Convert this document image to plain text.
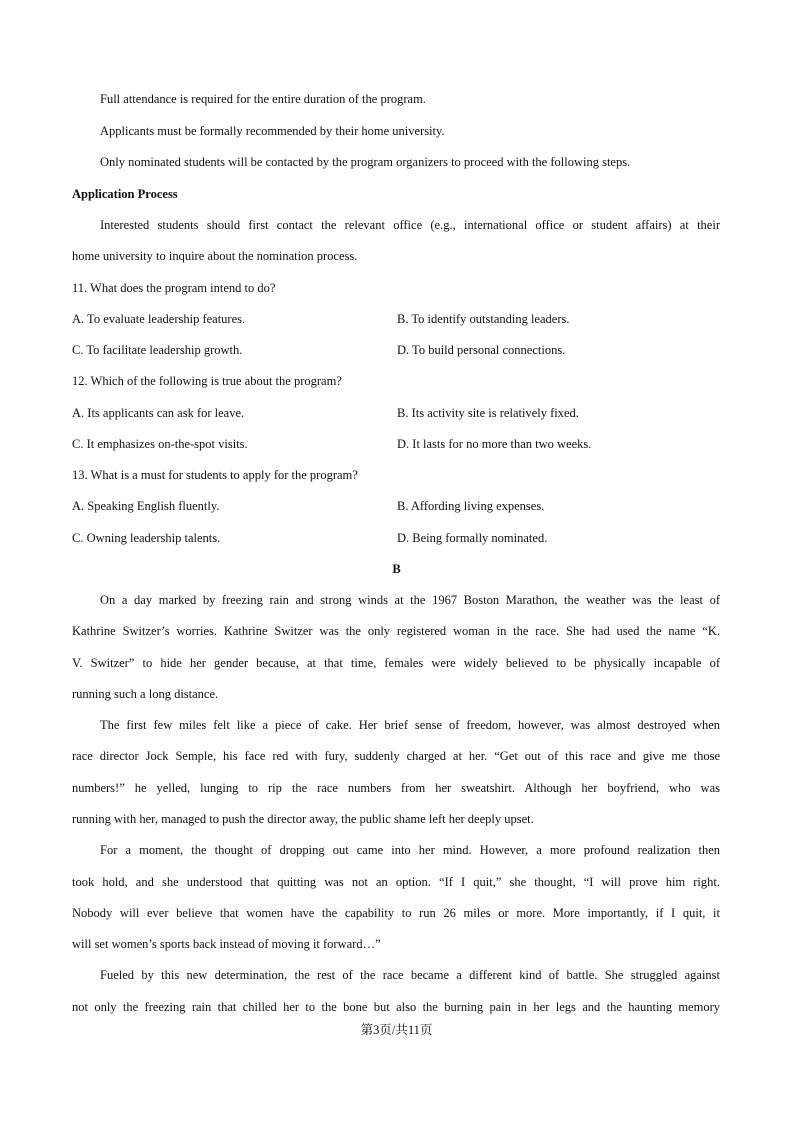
Full attendance is required for the entire duration of the program.
Applicants must be formally recommended by their home university.
Only nominated students will be contacted by the program organizers to proceed with the following steps.
Application Process
Interested students should first contact the relevant office (e.g., international office or student affairs) at their
home university to inquire about the nomination process.
11. What does the program intend to do?
A. To evaluate leadership features.	B. To identify outstanding leaders.
C. To facilitate leadership growth.	D. To build personal connections.
12. Which of the following is true about the program?
A. Its applicants can ask for leave.	B. Its activity site is relatively fixed.
C. It emphasizes on-the-spot visits.	D. It lasts for no more than two weeks.
13. What is a must for students to apply for the program?
A. Speaking English fluently.	B. Affording living expenses.
C. Owning leadership talents.	D. Being formally nominated.
B
On a day marked by freezing rain and strong winds at the 1967 Boston Marathon, the weather was the least of
Kathrine Switzer’s worries. Kathrine Switzer was the only registered woman in the race. She had used the name “K.
V. Switzer” to hide her gender because, at that time, females were widely believed to be physically incapable of
running such a long distance.
The first few miles felt like a piece of cake. Her brief sense of freedom, however, was almost destroyed when
race director Jock Semple, his face red with fury, suddenly charged at her. “Get out of this race and give me those
numbers!” he yelled, lunging to rip the race numbers from her sweatshirt. Although her boyfriend, who was
running with her, managed to push the director away, the public shame left her deeply upset.
For a moment, the thought of dropping out came into her mind. However, a more profound realization then
took hold, and she understood that quitting was not an option. “If I quit,” she thought, “I will prove him right.
Nobody will ever believe that women have the capability to run 26 miles or more. More importantly, if I quit, it
will set women’s sports back instead of moving it forward…”
Fueled by this new determination, the rest of the race became a different kind of battle. She struggled against
not only the freezing rain that chilled her to the bone but also the burning pain in her legs and the haunting memory
第3页/共11页
